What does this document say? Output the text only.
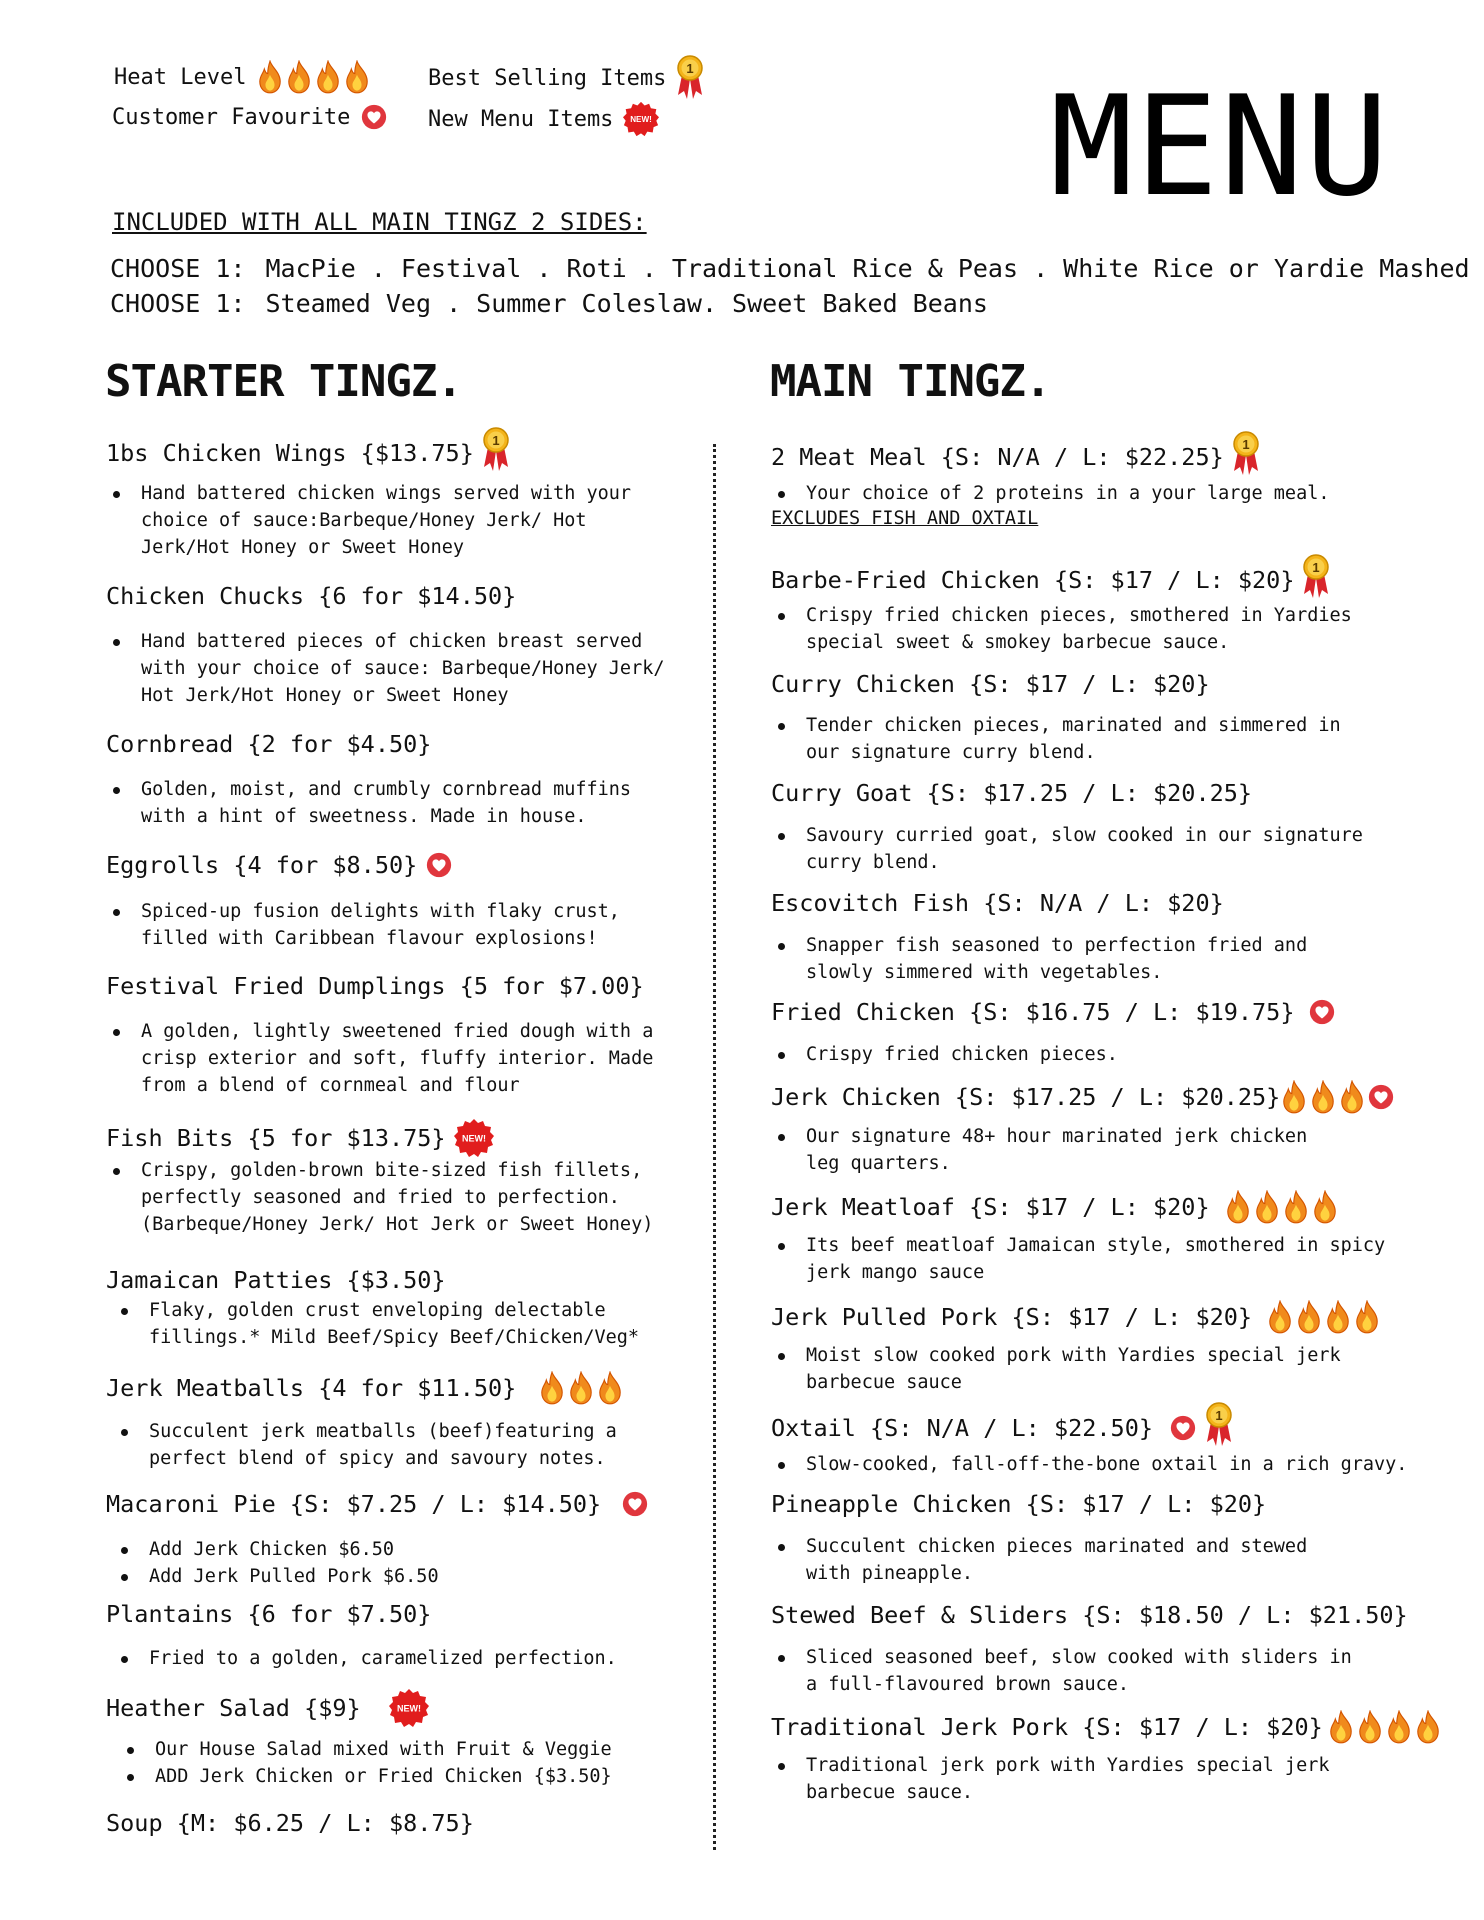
Heat Level
Customer Favourite
Best Selling Items
New Menu Items	MENU
INCLUDED WITH ALL MAIN TINGZ 2 SIDES:
CHOOSE 1: MacPie . Festival . Roti . Traditional Rice & Peas . White Rice or Yardie Mashed
CHOOSE 1: Steamed Veg . Summer Coleslaw. Sweet Baked Beans
STARTER TINGZ.	MAIN TINGZ.
1bs Chicken Wings {$13.75}
Hand battered chicken wings served with your
choice of sauce:Barbeque/Honey Jerk/ Hot
Jerk/Hot Honey or Sweet Honey
Chicken Chucks {6 for $14.50}
Hand battered pieces of chicken breast served
with your choice of sauce: Barbeque/Honey Jerk/
Hot Jerk/Hot Honey or Sweet Honey
Cornbread {2 for $4.50}
Golden, moist, and crumbly cornbread muffins
with a hint of sweetness. Made in house.
Eggrolls {4 for $8.50}
Spiced-up fusion delights with flaky crust,
filled with Caribbean flavour explosions!
Festival Fried Dumplings {5 for $7.00}
A golden, lightly sweetened fried dough with a
crisp exterior and soft, fluffy interior. Made
from a blend of cornmeal and flour
Fish Bits {5 for $13.75}
Crispy, golden-brown bite-sized fish fillets,
perfectly seasoned and fried to perfection.
(Barbeque/Honey Jerk/ Hot Jerk or Sweet Honey)
Jamaican Patties {$3.50}
Flaky, golden crust enveloping delectable
fillings.* Mild Beef/Spicy Beef/Chicken/Veg*
Jerk Meatballs {4 for $11.50}
Succulent jerk meatballs (beef)featuring a
perfect blend of spicy and savoury notes.
Macaroni Pie {S: $7.25 / L: $14.50}
Add Jerk Chicken $6.50
Add Jerk Pulled Pork $6.50
Plantains {6 for $7.50}
Fried to a golden, caramelized perfection.
Heather Salad {$9}
Our House Salad mixed with Fruit & Veggie
ADD Jerk Chicken or Fried Chicken {$3.50}
Soup {M: $6.25 / L: $8.75}
2 Meat Meal {S: N/A / L: $22.25}
Your choice of 2 proteins in a your large meal.
EXCLUDES FISH AND OXTAIL
Barbe-Fried Chicken {S: $17 / L: $20}
Crispy fried chicken pieces, smothered in Yardies
special sweet & smokey barbecue sauce.
Curry Chicken {S: $17 / L: $20}
Tender chicken pieces, marinated and simmered in
our signature curry blend.
Curry Goat {S: $17.25 / L: $20.25}
Savoury curried goat, slow cooked in our signature
curry blend.
Escovitch Fish {S: N/A / L: $20}
Snapper fish seasoned to perfection fried and
slowly simmered with vegetables.
Fried Chicken {S: $16.75 / L: $19.75}
Crispy fried chicken pieces.
Jerk Chicken {S: $17.25 / L: $20.25}
Our signature 48+ hour marinated jerk chicken
leg quarters.
Jerk Meatloaf {S: $17 / L: $20}
Its beef meatloaf Jamaican style, smothered in spicy
jerk mango sauce
Jerk Pulled Pork {S: $17 / L: $20}
Moist slow cooked pork with Yardies special jerk
barbecue sauce
Oxtail {S: N/A / L: $22.50}
Slow-cooked, fall-off-the-bone oxtail in a rich gravy.
Pineapple Chicken {S: $17 / L: $20}
Succulent chicken pieces marinated and stewed
with pineapple.
Stewed Beef & Sliders {S: $18.50 / L: $21.50}
Sliced seasoned beef, slow cooked with sliders in
a full-flavoured brown sauce.
Traditional Jerk Pork {S: $17 / L: $20}
Traditional jerk pork with Yardies special jerk
barbecue sauce.
